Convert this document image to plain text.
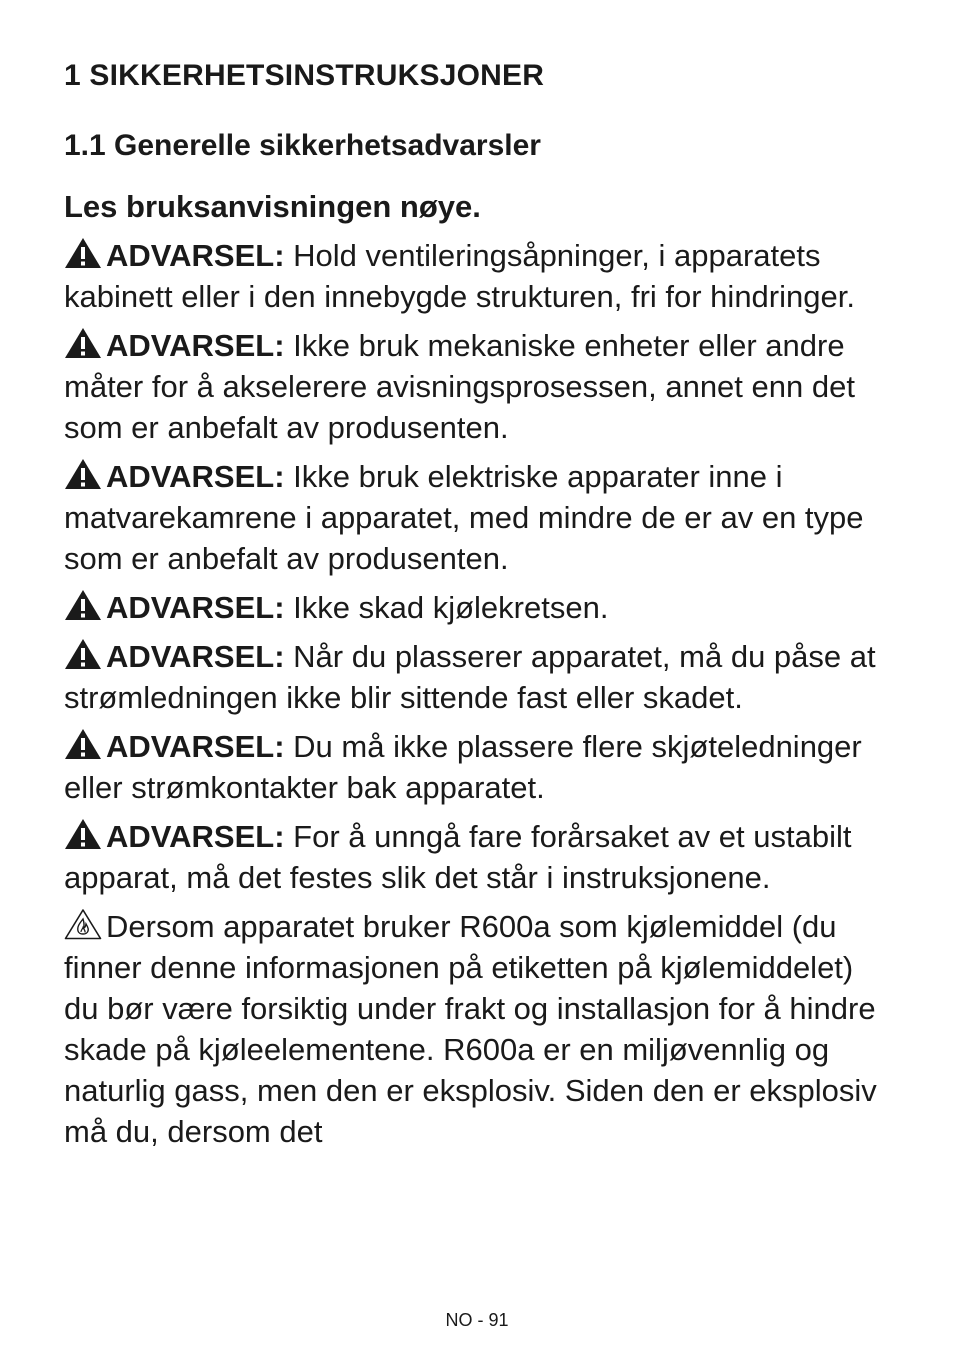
1 SIKKERHETSINSTRUKSJONER
1.1 Generelle sikkerhetsadvarsler

Les bruksanvisningen nøye.

ADVARSEL: Hold ventileringsåpninger, i apparatets kabinett eller i den innebygde strukturen, fri for hindringer.

ADVARSEL: Ikke bruk mekaniske enheter eller andre måter for å akselerere avisningsprosessen, annet enn det som er anbefalt av produsenten.

ADVARSEL: Ikke bruk elektriske apparater inne i matvarekamrene i apparatet, med mindre de er av en type som er anbefalt av produsenten.

ADVARSEL: Ikke skad kjølekretsen.

ADVARSEL: Når du plasserer apparatet, må du påse at strømledningen ikke blir sittende fast eller skadet.

ADVARSEL: Du må ikke plassere flere skjøteledninger eller strømkontakter bak apparatet.

ADVARSEL: For å unngå fare forårsaket av et ustabilt apparat, må det festes slik det står i instruksjonene.

Dersom apparatet bruker R600a som kjølemiddel (du finner denne informasjonen på etiketten på kjølemiddelet) du bør være forsiktig under frakt og installasjon for å hindre skade på kjøleelementene. R600a er en miljøvennlig og naturlig gass, men den er eksplosiv. Siden den er eksplosiv må du, dersom det

NO - 91
